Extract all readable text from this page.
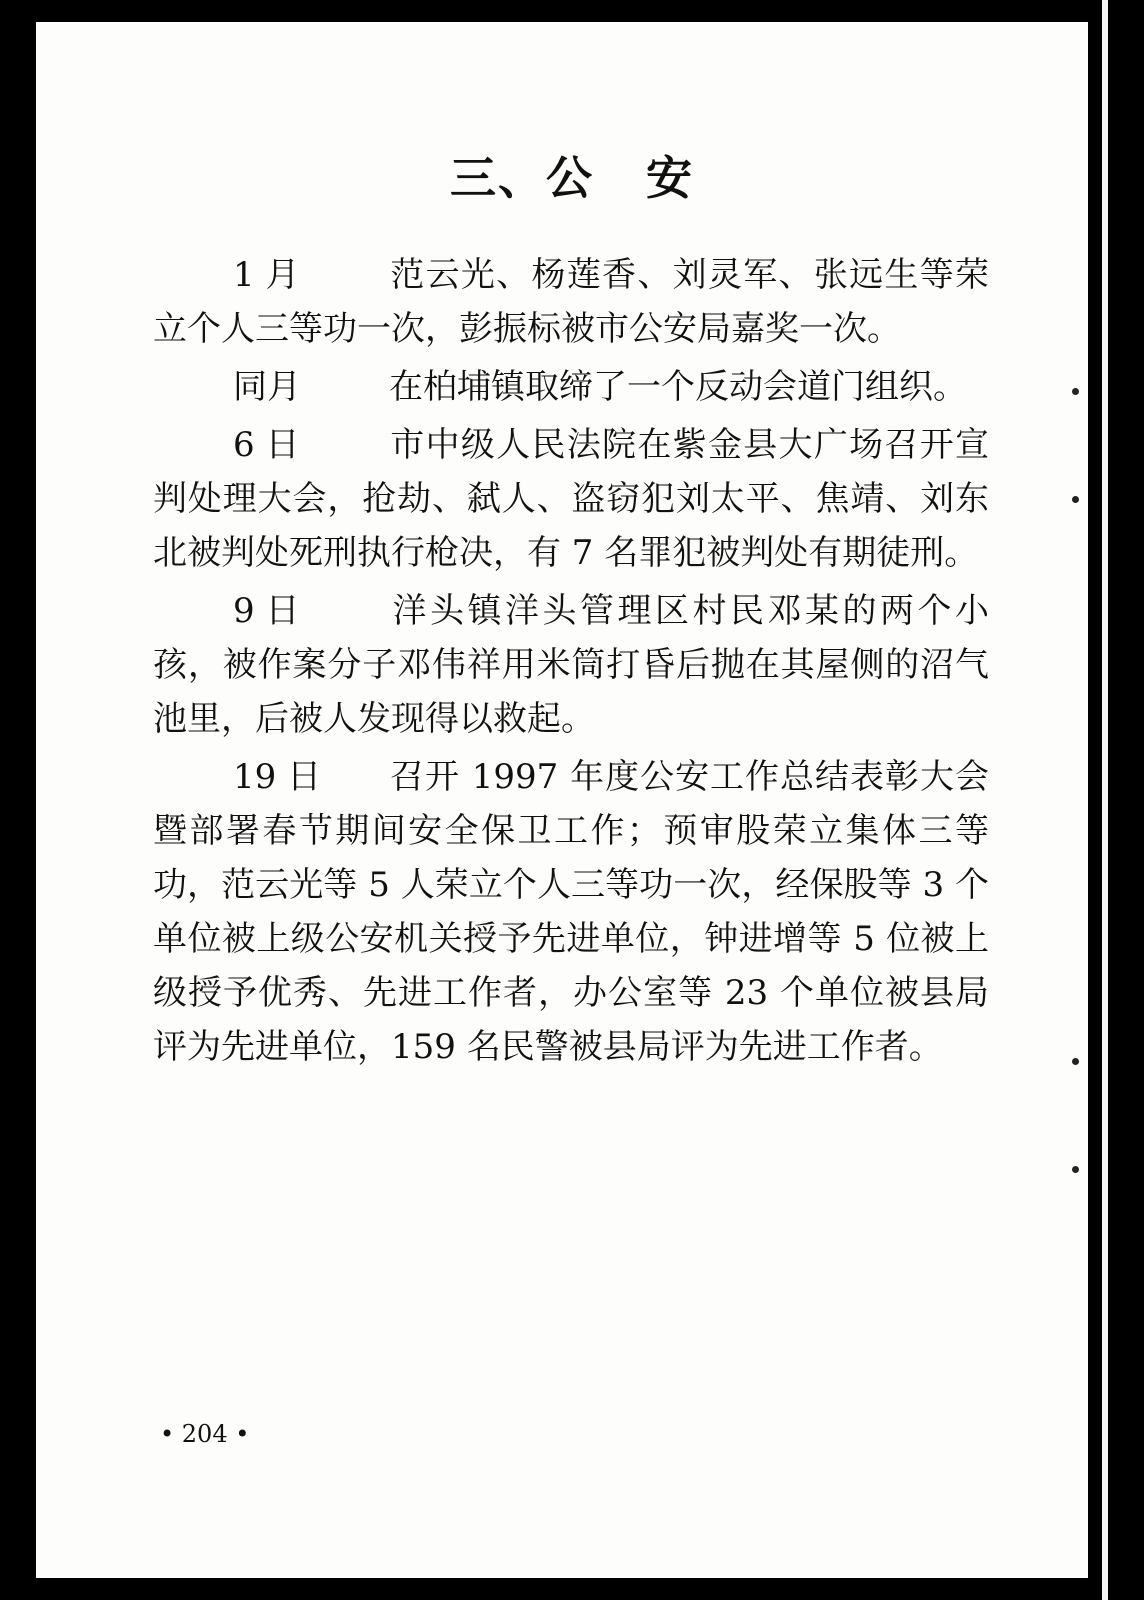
三、公 安

1 月	范云光、杨莲香、刘灵军、张远生等荣立个人三等功一次，彭振标被市公安局嘉奖一次。

同月	在柏埔镇取缔了一个反动会道门组织。

6 日	市中级人民法院在紫金县大广场召开宣判处理大会，抢劫、弑人、盗窃犯刘太平、焦靖、刘东北被判处死刑执行枪决，有 7 名罪犯被判处有期徒刑。

9 日	洋头镇洋头管理区村民邓某的两个小孩，被作案分子邓伟祥用米筒打昏后抛在其屋侧的沼气池里，后被人发现得以救起。

19 日 召开 1997 年度公安工作总结表彰大会暨部署春节期间安全保卫工作；预审股荣立集体三等功，范云光等 5 人荣立个人三等功一次，经保股等 3 个单位被上级公安机关授予先进单位，钟进增等 5 位被上级授予优秀、先进工作者，办公室等 23 个单位被县局评为先进单位，159 名民警被县局评为先进工作者。

• 204 •
